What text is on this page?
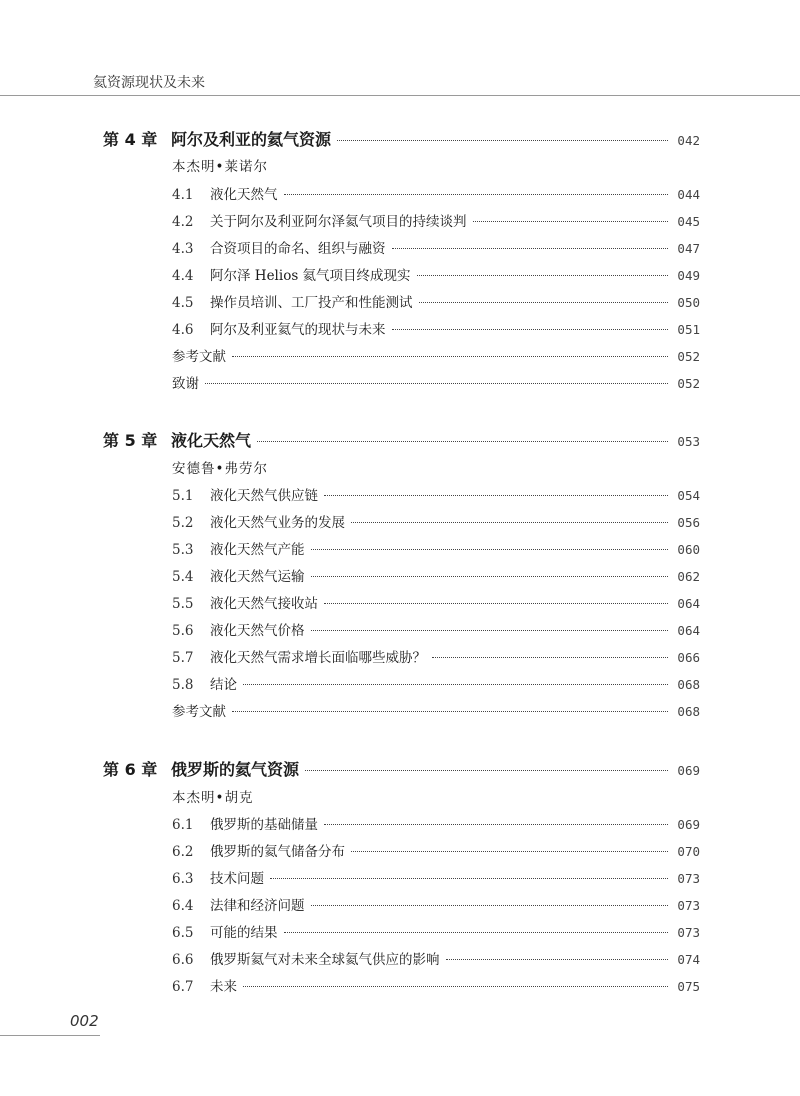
氦资源现状及未来
第 4 章 阿尔及利亚的氦气资源	042
本杰明•莱诺尔
4.1	液化天然气	044
4.2	关于阿尔及利亚阿尔泽氦气项目的持续谈判	045
4.3	合资项目的命名、组织与融资	047
4.4	阿尔泽 Helios 氦气项目终成现实	049
4.5	操作员培训、工厂投产和性能测试	050
4.6	阿尔及利亚氦气的现状与未来	051
参考文献	052
致谢	052
第 5 章 液化天然气	053
安德鲁•弗劳尔
5.1	液化天然气供应链	054
5.2	液化天然气业务的发展	056
5.3	液化天然气产能	060
5.4	液化天然气运输	062
5.5	液化天然气接收站	064
5.6	液化天然气价格	064
5.7	液化天然气需求增长面临哪些威胁？	066
5.8	结论	068
参考文献	068
第 6 章 俄罗斯的氦气资源	069
本杰明•胡克
6.1	俄罗斯的基础储量	069
6.2	俄罗斯的氦气储备分布	070
6.3	技术问题	073
6.4	法律和经济问题	073
6.5	可能的结果	073
6.6	俄罗斯氦气对未来全球氦气供应的影响	074
6.7	未来	075
002
